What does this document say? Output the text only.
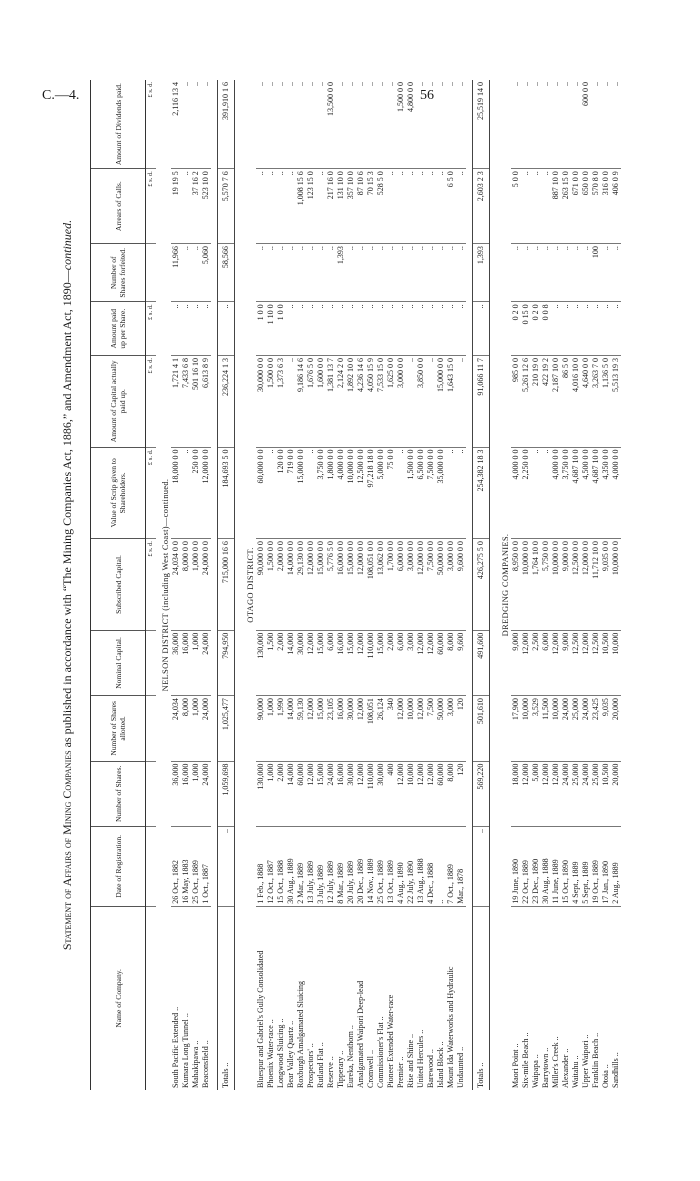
C.—4.	56
Statement of Affairs of Mining Companies as published in accordance with “The Mining Companies Act, 1886,” and Amendment Act, 1890—continued.
Name of Company.	Date of Registration.	Number of Shares.	Number of Shares allotted.	Nominal Capital.	Subscribed Capital.	Value of Scrip given to Shareholders.	Amount of Capital actually paid up.	Amount paid up per Share.	Number of Shares forfeited.	Arrears of Calls.	Amount of Dividends paid.
					£ s. d.	£ s. d.	£ s. d.	£ s. d.		£ s. d.	£ s. d.
NELSON DISTRICT (including West Coast)—continued.											
South Pacific Extended ..	26 Oct., 1882	36,000	24,034	36,000	24,034 0 0	18,000 0 0	1,721 4 1	..	11,966	19 19 5	2,116 13 4
Kumara Long Tunnel ..	16 May, 1883	16,000	8,000	16,000	8,000 0 0	..	7,433 6 8	..	..	..	..
Mahakipawa ..	25 Oct., 1889	1,000	1,000	1,000	1,000 0 0	250 0 0	501 16 10	..	..	37 16 2	..
Beaconsfield ..	1 Oct., 1887	24,000	24,000	24,000	24,000 0 0	12,000 0 0	6,613 8 9	..	5,060	523 10 0	..

Totals ..	..	1,059,698	1,025,477	794,950	715,000 16 6	184,693 5 0	236,224 1 3	..	58,566	5,570 7 6	391,910 1 6

OTAGO DISTRICT.											
Bluespur and Gabriel's Gully Consolidated	1 Feb., 1888	130,000	90,000	130,000	90,000 0 0	60,000 0 0	30,000 0 0	1 0 0	..	..	..
Phoenix Water-race ..	12 Oct., 1887	1,000	1,000	1,500	1,500 0 0	..	1,500 0 0	1 10 0	..	..	..
Longwood Sluicing ..	15 Oct., 1888	2,000	1,990	2,000	2,000 0 0	120 0 0	1,373 6 3	1 0 0	..	..	..
Bear Valley Quartz ..	30 Aug., 1889	14,000	14,000	14,000	14,000 0 0	719 0 0	..	..	..	..	..
Roxburgh Amalgamated Sluicing	2 Mar., 1889	60,000	59,130	30,000	29,130 0 0	15,000 0 0	9,186 14 6	..	..	1,008 15 6	..
Prospectors' ..	13 July, 1889	12,000	12,000	12,000	12,000 0 0	..	1,676 5 0	..	..	123 15 0	..
Rutland Flat ..	3 July, 1889	15,000	15,000	15,000	15,000 0 0	3,750 0 0	1,600 0 0	..	..	..	..
Reserve ..	12 July, 1889	24,000	23,105	6,000	5,776 5 0	1,800 0 0	1,381 13 7	..	..	217 16 0	13,500 0 0
Tipperary ..	8 Mar., 1889	16,000	16,000	16,000	16,000 0 0	4,000 0 0	2,124 2 0	..	1,393	131 10 0	..
Eureka, Nenthorn ..	20 July, 1889	30,000	30,000	15,000	15,000 0 0	10,000 0 0	1,892 10 0	..	..	357 10 0	..
Amalgamated Waipori Deep-lead	20 Dec., 1889	12,000	12,000	12,000	12,000 0 0	12,500 0 0	4,236 14 6	..	..	87 10 6	..
Cromwell ..	14 Nov., 1889	110,000	108,051	110,000	108,051 0 0	97,218 18 0	4,050 15 9	..	..	70 15 3	..
Commissioner's Flat ..	25 Oct., 1889	30,000	26,124	15,000	13,062 0 0	5,000 0 0	7,533 15 0	..	..	528 5 0	..
Pioneer Extended Water-race	13 Oct., 1889	400	340	2,000	1,700 0 0	75 0 0	1,625 0 0	..	..	..	..
Premier ..	4 Aug., 1890	12,000	12,000	6,000	6,000 0 0	..	3,000 0 0	..	..	..	1,500 0 0
Rise and Shine ..	22 July, 1890	10,000	10,000	3,000	3,000 0 0	1,500 0 0	..	..	..	..	4,800 0 0
United Hercules ..	13 Aug., 1888	12,000	12,000	12,000	12,000 0 0	6,500 0 0	3,850 0 0	..	..	..	..
Barewood ..	4 Dec., 1888	12,000	7,500	12,000	7,500 0 0	7,500 0 0	..	..	..	..	..
Island Block ..	..	60,000	50,000	60,000	50,000 0 0	35,000 0 0	15,000 0 0	..	..	..	..
Mount Ida Waterworks and Hydraulic	7 Oct., 1889	8,000	3,000	8,000	3,000 0 0	..	1,643 15 0	..	..	6 5 0	..
Undaunted ..	Mar., 1878	120	120	9,600	9,600 0 0	..	..	..	..	..	..

Totals ..	..	569,220	501,610	491,600	426,275 5 0	254,382 18 3	91,066 11 7	..	1,393	2,603 2 3	25,519 14 0

DREDGING COMPANIES.											
Maori Point ..	19 June, 1890	18,000	17,900	9,000	8,950 0 0	4,000 0 0	985 0 0	0 2 0	..	5 0 0	..
Six-mile Beach ..	22 Oct., 1889	12,000	10,000	12,000	10,000 0 0	2,250 0 0	5,261 12 6	0 15 0	..	..	..
Waipapa ..	23 Dec., 1890	5,000	3,529	2,500	1,764 10 0	..	210 19 0	0 2 0	..	..	..
Barrytown ..	30 Aug., 1888	12,000	11,500	6,000	5,750 0 0	..	422 19 2	0 0 8	..	..	..
Miller's Creek ..	11 June, 1889	12,000	10,000	12,000	10,000 0 0	4,000 0 0	2,187 10 0	..	..	887 10 0	..
Alexander ..	15 Oct., 1890	24,000	24,000	9,000	9,000 0 0	3,750 0 0	86 5 0	..	..	263 15 0	..
Waitahu ..	4 Sept., 1889	25,000	25,000	12,500	12,500 0 0	4,687 10 0	4,016 10 0	..	..	671 0 0	..
Upper Waipori ..	5 Sept., 1889	24,000	24,000	12,000	12,000 0 0	4,500 0 0	4,640 0 0	..	..	650 0 0	600 0 0
Franklin Beach ..	19 Oct., 1889	25,000	23,425	12,500	11,712 10 0	4,687 10 0	3,263 7 0	..	100	570 8 0	..
Otoia ..	17 Jan., 1890	10,500	9,035	10,500	9,035 0 0	4,350 0 0	1,136 5 0	..	..	316 0 0	..
Sandhills ..	2 Aug., 1889	20,000	20,000	10,000	10,000 0 0	4,000 0 0	5,513 19 3	..	..	406 0 9	..
